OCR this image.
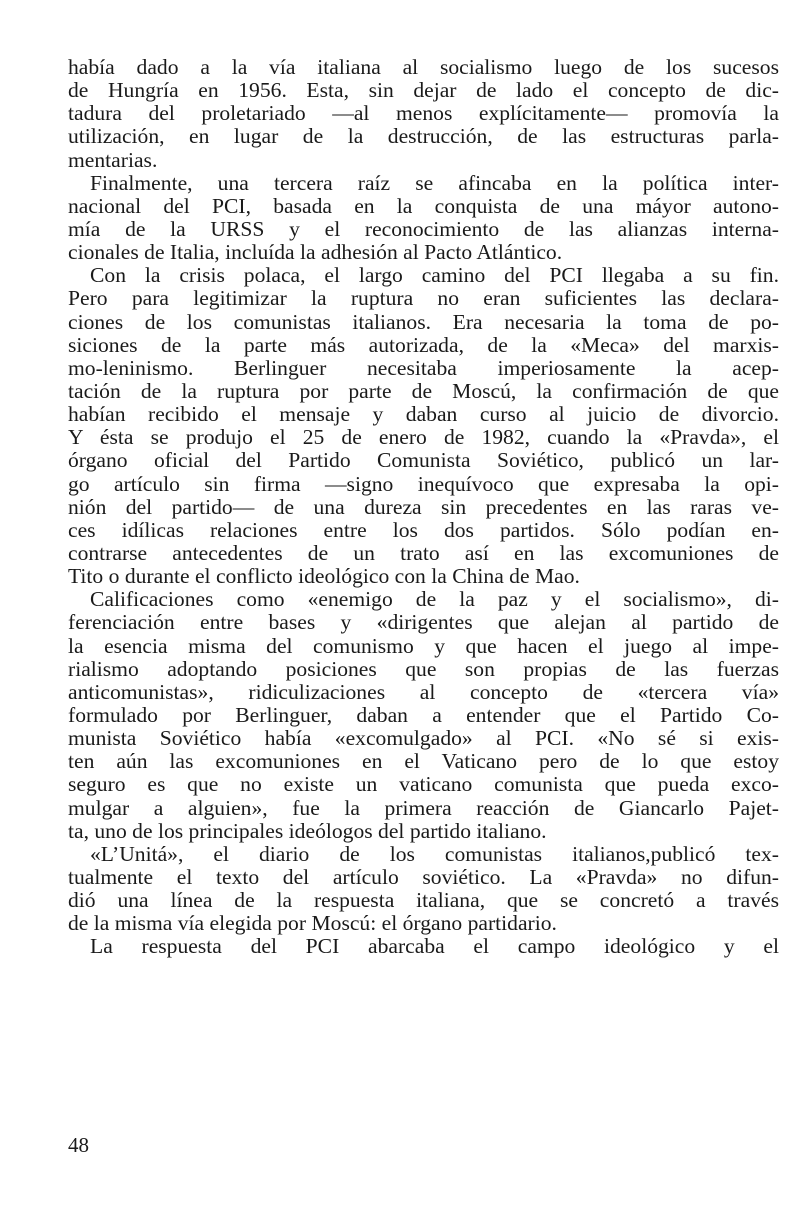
había dado a la vía italiana al socialismo luego de los sucesos
de Hungría en 1956. Esta, sin dejar de lado el concepto de dic-
tadura del proletariado —al menos explícitamente— promovía la
utilización, en lugar de la destrucción, de las estructuras parla-
mentarias.
Finalmente, una tercera raíz se afincaba en la política inter-
nacional del PCI, basada en la conquista de una máyor autono-
mía de la URSS y el reconocimiento de las alianzas interna-
cionales de Italia, incluída la adhesión al Pacto Atlántico.
Con la crisis polaca, el largo camino del PCI llegaba a su fin.
Pero para legitimizar la ruptura no eran suficientes las declara-
ciones de los comunistas italianos. Era necesaria la toma de po-
siciones de la parte más autorizada, de la «Meca» del marxis-
mo-leninismo. Berlinguer necesitaba imperiosamente la acep-
tación de la ruptura por parte de Moscú, la confirmación de que
habían recibido el mensaje y daban curso al juicio de divorcio.
Y ésta se produjo el 25 de enero de 1982, cuando la «Pravda», el
órgano oficial del Partido Comunista Soviético, publicó un lar-
go artículo sin firma —signo inequívoco que expresaba la opi-
nión del partido— de una dureza sin precedentes en las raras ve-
ces idílicas relaciones entre los dos partidos. Sólo podían en-
contrarse antecedentes de un trato así en las excomuniones de
Tito o durante el conflicto ideológico con la China de Mao.
Calificaciones como «enemigo de la paz y el socialismo», di-
ferenciación entre bases y «dirigentes que alejan al partido de
la esencia misma del comunismo y que hacen el juego al impe-
rialismo adoptando posiciones que son propias de las fuerzas
anticomunistas», ridiculizaciones al concepto de «tercera vía»
formulado por Berlinguer, daban a entender que el Partido Co-
munista Soviético había «excomulgado» al PCI. «No sé si exis-
ten aún las excomuniones en el Vaticano pero de lo que estoy
seguro es que no existe un vaticano comunista que pueda exco-
mulgar a alguien», fue la primera reacción de Giancarlo Pajet-
ta, uno de los principales ideólogos del partido italiano.
«L’Unitá», el diario de los comunistas italianos,publicó tex-
tualmente el texto del artículo soviético. La «Pravda» no difun-
dió una línea de la respuesta italiana, que se concretó a través
de la misma vía elegida por Moscú: el órgano partidario.
La respuesta del PCI abarcaba el campo ideológico y el
48
